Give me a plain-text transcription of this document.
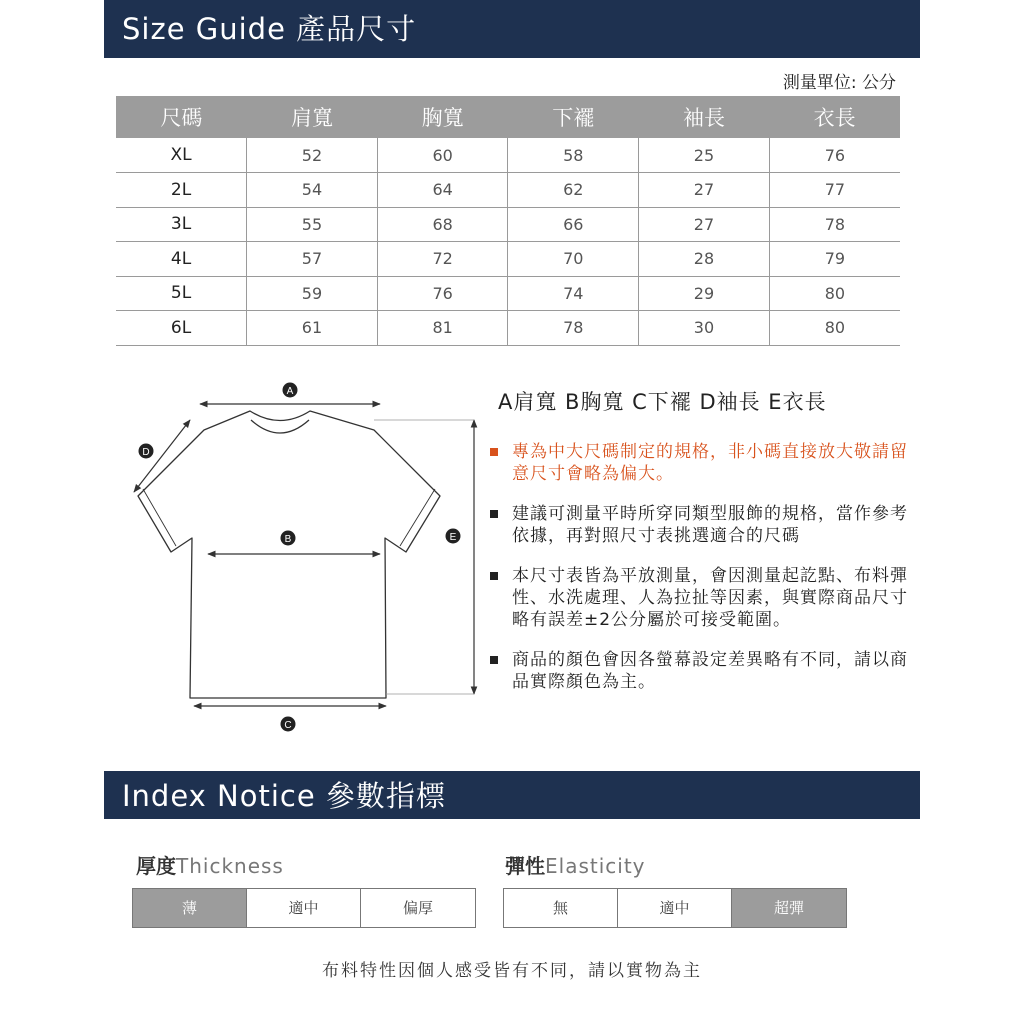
Size Guide 產品尺寸
測量單位: 公分
尺碼	肩寬	胸寬	下襬	袖長	衣長
XL	52	60	58	25	76
2L	54	64	62	27	77
3L	55	68	66	27	78
4L	57	72	70	28	79
5L	59	76	74	29	80
6L	61	81	78	30	80
A
B
C
D
E
A肩寬 B胸寬 C下襬 D袖長 E衣長
專為中大尺碼制定的規格，非小碼直接放大敬請留意尺寸會略為偏大。
建議可測量平時所穿同類型服飾的規格，當作參考依據，再對照尺寸表挑選適合的尺碼
本尺寸表皆為平放測量，會因測量起訖點、布料彈性、水洗處理、人為拉扯等因素，與實際商品尺寸略有誤差±2公分屬於可接受範圍。
商品的顏色會因各螢幕設定差異略有不同，請以商品實際顏色為主。
Index Notice 參數指標
厚度Thickness
薄	適中	偏厚
彈性Elasticity
無	適中	超彈
布料特性因個人感受皆有不同，請以實物為主
